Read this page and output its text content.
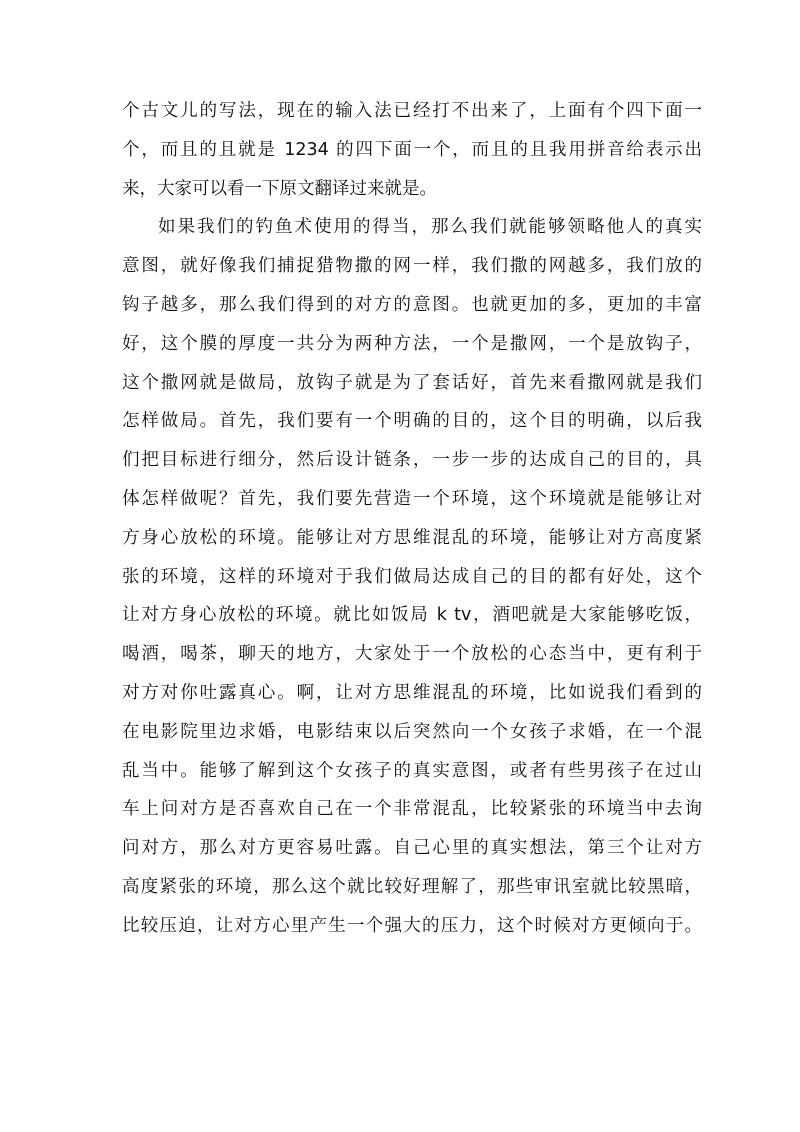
个古文儿的写法，现在的输入法已经打不出来了，上面有个四下面一
个，而且的且就是 1234 的四下面一个，而且的且我用拼音给表示出
来，大家可以看一下原文翻译过来就是。
如果我们的钓鱼术使用的得当，那么我们就能够领略他人的真实
意图，就好像我们捕捉猎物撒的网一样，我们撒的网越多，我们放的
钩子越多，那么我们得到的对方的意图。也就更加的多，更加的丰富
好，这个膜的厚度一共分为两种方法，一个是撒网，一个是放钩子，
这个撒网就是做局，放钩子就是为了套话好，首先来看撒网就是我们
怎样做局。首先，我们要有一个明确的目的，这个目的明确，以后我
们把目标进行细分，然后设计链条，一步一步的达成自己的目的，具
体怎样做呢？首先，我们要先营造一个环境，这个环境就是能够让对
方身心放松的环境。能够让对方思维混乱的环境，能够让对方高度紧
张的环境，这样的环境对于我们做局达成自己的目的都有好处，这个
让对方身心放松的环境。就比如饭局 k tv，酒吧就是大家能够吃饭，
喝酒，喝茶，聊天的地方，大家处于一个放松的心态当中，更有利于
对方对你吐露真心。啊，让对方思维混乱的环境，比如说我们看到的
在电影院里边求婚，电影结束以后突然向一个女孩子求婚，在一个混
乱当中。能够了解到这个女孩子的真实意图，或者有些男孩子在过山
车上问对方是否喜欢自己在一个非常混乱，比较紧张的环境当中去询
问对方，那么对方更容易吐露。自己心里的真实想法，第三个让对方
高度紧张的环境，那么这个就比较好理解了，那些审讯室就比较黑暗，
比较压迫，让对方心里产生一个强大的压力，这个时候对方更倾向于。
